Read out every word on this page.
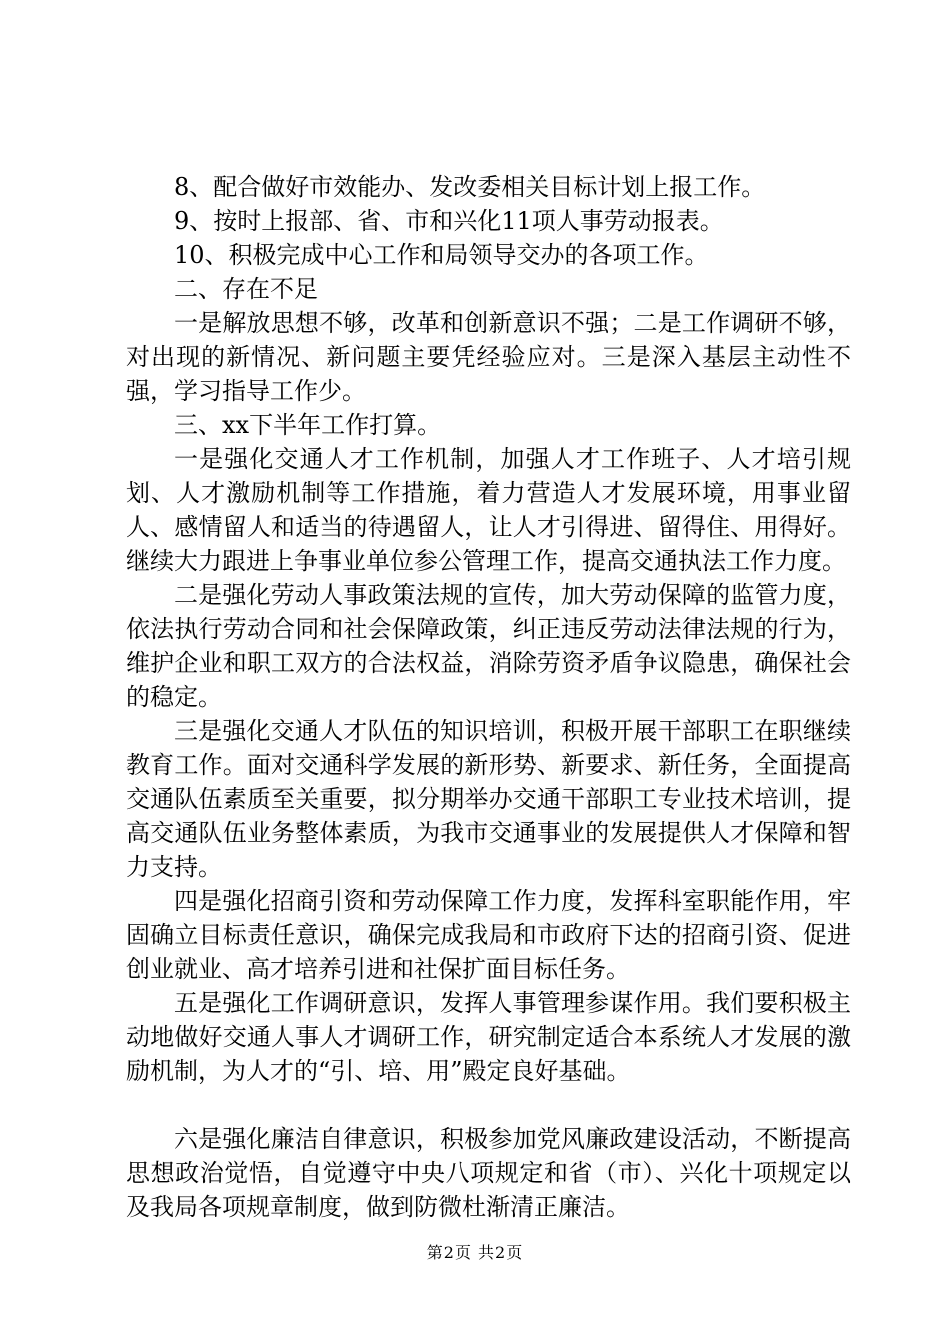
8、配合做好市效能办、发改委相关目标计划上报工作。

9、按时上报部、省、市和兴化11项人事劳动报表。

10、积极完成中心工作和局领导交办的各项工作。

二、存在不足

一是解放思想不够，改革和创新意识不强；二是工作调研不够，对出现的新情况、新问题主要凭经验应对。三是深入基层主动性不强，学习指导工作少。

三、xx下半年工作打算。

一是强化交通人才工作机制，加强人才工作班子、人才培引规划、人才激励机制等工作措施，着力营造人才发展环境，用事业留人、感情留人和适当的待遇留人，让人才引得进、留得住、用得好。继续大力跟进上争事业单位参公管理工作，提高交通执法工作力度。

二是强化劳动人事政策法规的宣传，加大劳动保障的监管力度，依法执行劳动合同和社会保障政策，纠正违反劳动法律法规的行为，维护企业和职工双方的合法权益，消除劳资矛盾争议隐患，确保社会的稳定。

三是强化交通人才队伍的知识培训，积极开展干部职工在职继续教育工作。面对交通科学发展的新形势、新要求、新任务，全面提高交通队伍素质至关重要，拟分期举办交通干部职工专业技术培训，提高交通队伍业务整体素质，为我市交通事业的发展提供人才保障和智力支持。

四是强化招商引资和劳动保障工作力度，发挥科室职能作用，牢固确立目标责任意识，确保完成我局和市政府下达的招商引资、促进创业就业、高才培养引进和社保扩面目标任务。

五是强化工作调研意识，发挥人事管理参谋作用。我们要积极主动地做好交通人事人才调研工作，研究制定适合本系统人才发展的激励机制，为人才的“引、培、用”殿定良好基础。

六是强化廉洁自律意识，积极参加党风廉政建设活动，不断提高思想政治觉悟，自觉遵守中央八项规定和省（市）、兴化十项规定以及我局各项规章制度，做到防微杜渐清正廉洁。

第2页 共2页
